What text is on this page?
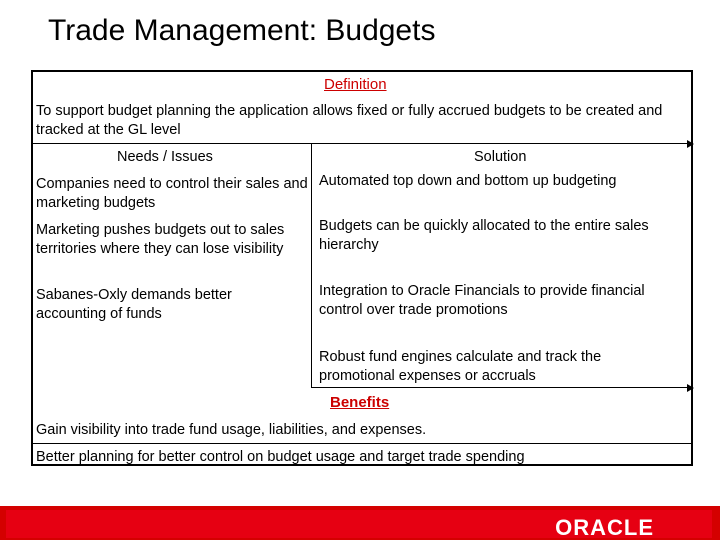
Trade Management: Budgets
Definition
To support budget planning the application allows fixed or fully accrued budgets to be created and tracked at the GL level
Needs / Issues	Solution
Companies need to control their sales and marketing budgets
Marketing pushes budgets out to sales territories where they can lose visibility
Sabanes-Oxly demands better accounting of funds
Automated top down and bottom up budgeting
Budgets can be quickly allocated to the entire sales hierarchy
Integration to Oracle Financials to provide financial control over trade promotions
Robust fund engines calculate and track the promotional expenses or accruals
Benefits
Gain visibility into trade fund usage, liabilities, and expenses.
Better planning for better control on budget usage and target trade spending
ORACLE
